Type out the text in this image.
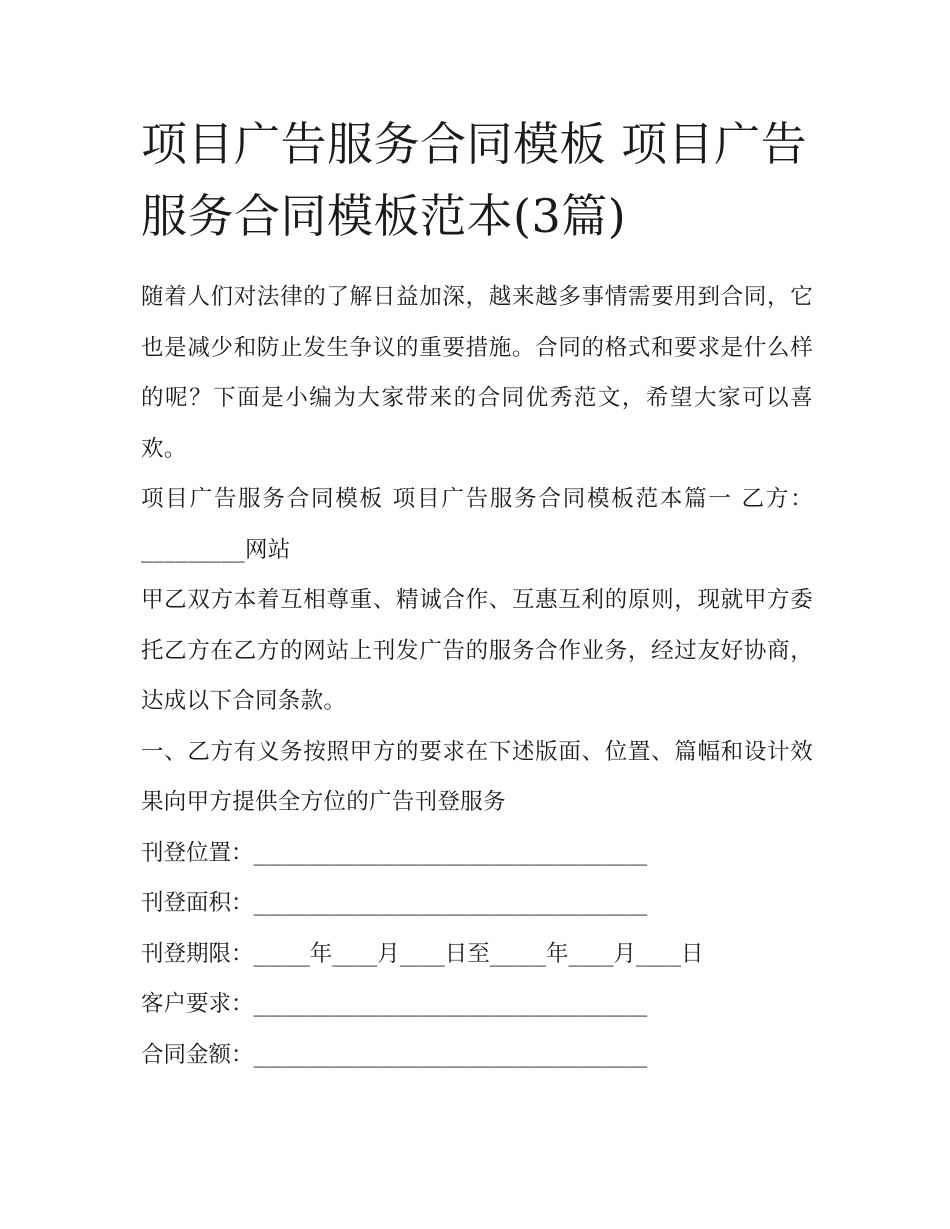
项目广告服务合同模板 项目广告服务合同模板范本(3篇)

随着人们对法律的了解日益加深，越来越多事情需要用到合同，它也是减少和防止发生争议的重要措施。合同的格式和要求是什么样的呢？下面是小编为大家带来的合同优秀范文，希望大家可以喜欢。

项目广告服务合同模板 项目广告服务合同模板范本篇一 乙方：_________网站

甲乙双方本着互相尊重、精诚合作、互惠互利的原则，现就甲方委托乙方在乙方的网站上刊发广告的服务合作业务，经过友好协商，达成以下合同条款。

一、乙方有义务按照甲方的要求在下述版面、位置、篇幅和设计效果向甲方提供全方位的广告刊登服务

刊登位置：___________________________________

刊登面积：___________________________________

刊登期限：_____年____月____日至_____年____月____日

客户要求：___________________________________

合同金额：___________________________________
